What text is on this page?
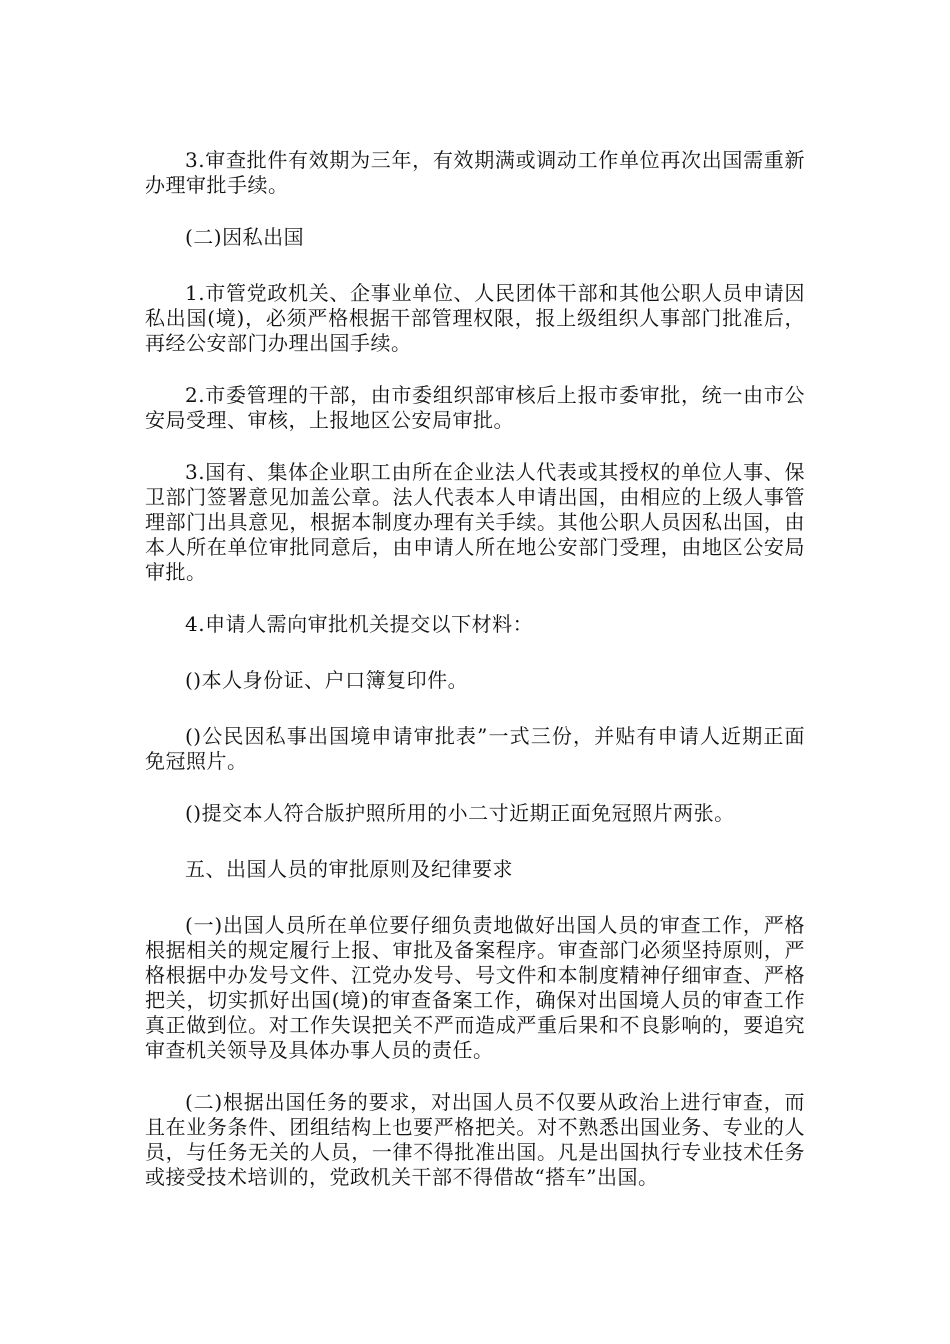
3.审查批件有效期为三年，有效期满或调动工作单位再次出国需重新办理审批手续。

(二)因私出国

1.市管党政机关、企事业单位、人民团体干部和其他公职人员申请因私出国(境)，必须严格根据干部管理权限，报上级组织人事部门批准后，再经公安部门办理出国手续。

2.市委管理的干部，由市委组织部审核后上报市委审批，统一由市公安局受理、审核，上报地区公安局审批。

3.国有、集体企业职工由所在企业法人代表或其授权的单位人事、保卫部门签署意见加盖公章。法人代表本人申请出国，由相应的上级人事管理部门出具意见，根据本制度办理有关手续。其他公职人员因私出国，由本人所在单位审批同意后，由申请人所在地公安部门受理，由地区公安局审批。

4.申请人需向审批机关提交以下材料：

()本人身份证、户口簿复印件。

()公民因私事出国境申请审批表”一式三份，并贴有申请人近期正面免冠照片。

()提交本人符合版护照所用的小二寸近期正面免冠照片两张。

五、出国人员的审批原则及纪律要求

(一)出国人员所在单位要仔细负责地做好出国人员的审查工作，严格根据相关的规定履行上报、审批及备案程序。审查部门必须坚持原则，严格根据中办发号文件、江党办发号、号文件和本制度精神仔细审查、严格把关，切实抓好出国(境)的审查备案工作，确保对出国境人员的审查工作真正做到位。对工作失误把关不严而造成严重后果和不良影响的，要追究审查机关领导及具体办事人员的责任。

(二)根据出国任务的要求，对出国人员不仅要从政治上进行审查，而且在业务条件、团组结构上也要严格把关。对不熟悉出国业务、专业的人员，与任务无关的人员，一律不得批准出国。凡是出国执行专业技术任务或接受技术培训的，党政机关干部不得借故“搭车”出国。
